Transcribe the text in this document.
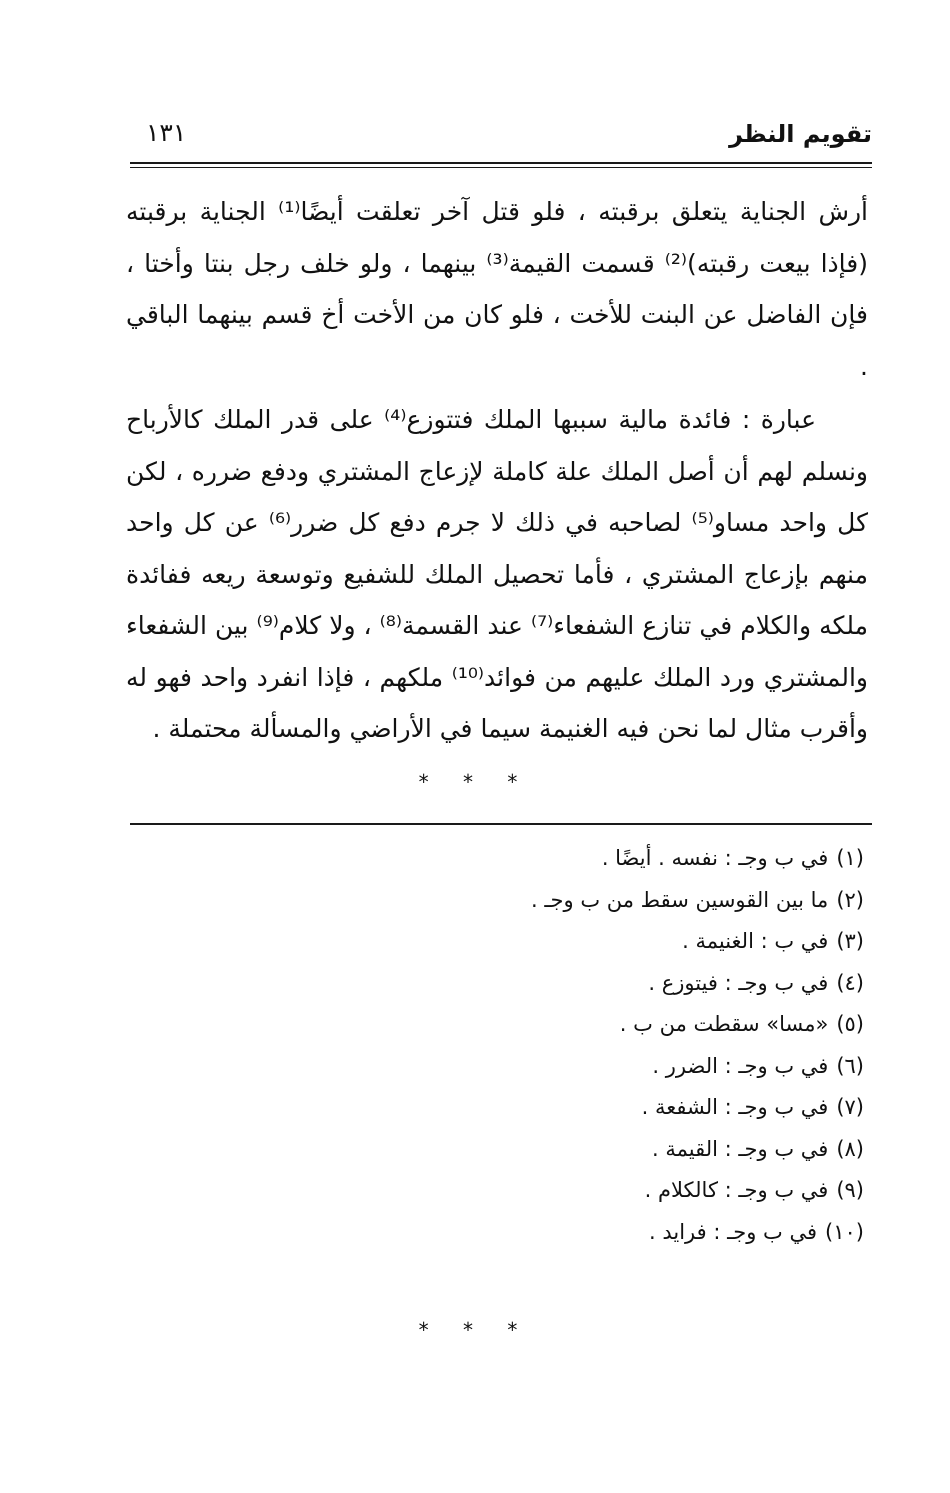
تقويم النظر
١٣١

أرش الجناية يتعلق برقبته ، فلو قتل آخر تعلقت أيضًا⁽¹⁾ الجناية برقبته (فإذا بيعت رقبته)⁽²⁾ قسمت القيمة⁽³⁾ بينهما ، ولو خلف رجل بنتا وأختا ، فإن الفاضل عن البنت للأخت ، فلو كان من الأخت أخ قسم بينهما الباقي .

عبارة : فائدة مالية سببها الملك فتتوزع⁽⁴⁾ على قدر الملك كالأرباح ونسلم لهم أن أصل الملك علة كاملة لإزعاج المشتري ودفع ضرره ، لكن كل واحد مساو⁽⁵⁾ لصاحبه في ذلك لا جرم دفع كل ضرر⁽⁶⁾ عن كل واحد منهم بإزعاج المشتري ، فأما تحصيل الملك للشفيع وتوسعة ريعه ففائدة ملكه والكلام في تنازع الشفعاء⁽⁷⁾ عند القسمة⁽⁸⁾ ، ولا كلام⁽⁹⁾ بين الشفعاء والمشتري ورد الملك عليهم من فوائد⁽¹⁰⁾ ملكهم ، فإذا انفرد واحد فهو له وأقرب مثال لما نحن فيه الغنيمة سيما في الأراضي والمسألة محتملة .

* * *
(١)في ب وجـ : نفسه . أيضًا .
(٢)ما بين القوسين سقط من ب وجـ .
(٣)في ب : الغنيمة .
(٤)في ب وجـ : فيتوزع .
(٥)«مسا» سقطت من ب .
(٦)في ب وجـ : الضرر .
(٧)في ب وجـ : الشفعة .
(٨)في ب وجـ : القيمة .
(٩)في ب وجـ : كالكلام .
(١٠)في ب وجـ : فرايد .
* * *
